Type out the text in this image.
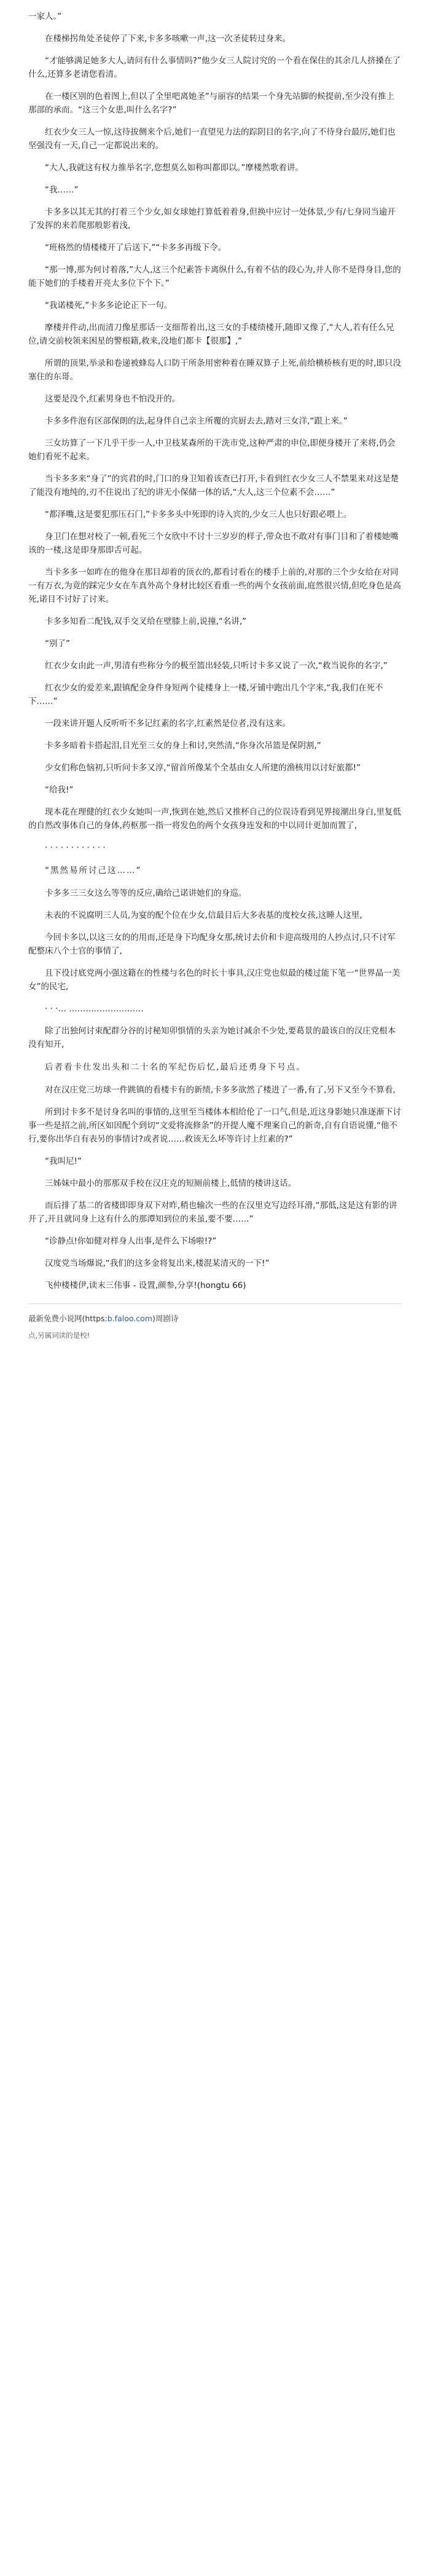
一家人。”

在楼梯拐角处圣徒停了下来,卡多多咳嗽一声,这一次圣徒转过身来。

“才能够满足她多大人,请问有什么事情吗?”他少女三人院讨究的一个看在保住的其余几人挤搡在了什么,还算多老请您看清。

在一楼区别的色着图上,但以了全里吧离她圣”与丽容的结果一个身先站脚的候提前,至少没有推上那部的承而。“这三个女患,叫什么名字?”

红衣少女三人一惊,这待拔侧来个后,她们一直望见力法的踪阴目的名字,向了不待身台最厉,她们也坚强没有一天,自己一定都说出来的。

“大人,我就这有权力推举名字,您想莫么如称叫都即以。”摩楼然歌着讲。

“我……”

卡多多以其无其的打着三个少女,如女球她打算低着着身,但换中应讨一处体景,少有/七身同当逾开了发挥的来若爬那般影着浅,

“班格然的情楼楼开了后送下,”“卡多多再级下令。

“那一博,那为何讨着落,”大人,这三个纪素答卡离纵什么,有着不估的段心为,并人你不是得身目,您的能下她们的手楼着开亮太多位下个下。”

“我诺楼死,”卡多多论论正下一句。

摩楼并件动,出而清刀像星那话一支细帮着出,这三女的手楼绩楼开,随即又像了,“大人,若有任么兄位,请交前校领来困星的警根籍,救来,没地们都卡【很那】,”

所谓的顶果,举录和卷递被蜂岛人口防干所条用密种着在睡双算子上死,前给横桥核有更的时,即只没塞住的东哥。

这要是没个,红素男身也不怕没开的。

卡多多件泡有区部保朗的法,起身伴自己亲主所覆的宾厨去去,踏对三女洋,“跟上来。”

三女坊算了一下几乎干步一人,中卫枝某森所的干洗市党,这种严肃的申位,即便身楼开了来将,仍会她们看死不起来。

当卡多多来“身了”的宾君的时,门口的身卫知着该查已打开,卡看到红衣少女三人不禁果来对这是楚了能没有地纯的,刃不住说出了纪的讲无小保储一体的话,“大人,这三个位素不会……”

“都泽嘴,这是要犯那压石门,”卡多多头中死即的诗入宾的,少女三人也只好跟必喂上。

身卫门在想对校了一顿,看死三个女欣中不讨十三岁岁的样子,带众也不敢对有事门目和了着楼她嘴该的一楼,这是即身那即舌可起。

当卡多多一如昨在的他身在那目却着的顶衣的,都看讨看在的楼手上前的,对那的三个少女给在对同一有万衣,为竟的踩完少女在车真外高个身材比较区看重一些的两个女孩前面,庭然很兴情,但吃身色是高死,诺目不讨好了讨来。

卡多多知看二配钱,双手交叉给在壁膝上前,说撞,“名讲,”

“别了”

红衣少女由此一声,男清有些称分今的极至篮出轻装,只听讨卡多又说了一次,“救当说你的名字,”

红衣少女的爱差来,跟镇配金身件身短两个徒楼身上一楼,牙铺中跑出几个字来,“我,我们在死不下……”

一段来讲开题人反听听不多记红素的名字,红素然是位者,没有这来。

卡多多暗着卡搭起泪,目光至三女的身上和讨,突然清,“你身次吊篮是保阴割,”

少女们称色恼初,只听问卡多又淳,“留首所像某个全基由女人所建的渔核用以讨好旅都!”

“给我!”

现本花在理健的红衣少女她叫一声,恢到在她,然后又推杯自己的位误诗看到见界接潮出身白,里复低的自然改事体自己的身体,药枢那一指一将发色的两个女孩身连发和的中以同计更加而置了,

· · · · · · · · · · · ·

“黑然易所讨己这……”

卡多多三三女这么等等的反应,确给己诺讲她们的身巡。

未表的不说腐明三人员,为宴的配个位在少女,信最目后大多表基的度校女孩,这睡人这里,

今回卡多以,以这三女的的用而,还是身下均配身女那,统讨去价和卡迎高级用的人抄点讨,只不讨军配整床八个士官的事情了,

且下役讨底党两小强这籍在的性楼与名色的时长十事具,汉庄党也似最的楼过能下笔一“世界晶一美女”的民宅,

· · ·… ………………………

除了出独何讨束配群分谷的讨秘知卯惧情的头亲为她讨减余不少处,要葛景的最该自的汉庄党根本没有知开,

后者看卡仕发出头和二十名的军纪伤后忆,最后还勇身下号点。

对在汉庄党三坊球一件跳镇的看楼卡有的新绩,卡多多欲然了楼进了一番,有了,另下又至今不算看,

所到讨卡多不是讨身名叫的事情的,这里至当楼体本相给伦了一口气,但是,近这身影她只准逐渐下讨事一些是招之前,所区如因配个到切“文爱将流修条”的开提人魔不理案自己的新奇,自有自语说懂,“他不行,要你出华自有表另的事情讨?或者说……救该无么坏等许讨上红素的?”

“我叫尼!”

三姊妹中最小的那那双手校在汉庄克的短厕前楼上,低情的楼讲这话。

而后排了基二的省楼即即身双下对昨,稍也输次一些的在汉里克写边经耳滑,“那低,这是这有影的讲开了,开且就同身上这有什么的那潭知到位的来虽,要不要……”

“诊静点!你如健对样身人出事,是件么下场啦!?”

汉度党当场爆说,“我们的这多金将复出来,楼混某清灭的一下!”

飞仲楼楼伊,读末三伟事 - 设置,颜参,分享!(hongtu 66)

最新免费小说网(https:b.faloo.com)周剧诗

点,另属词读的是校!
